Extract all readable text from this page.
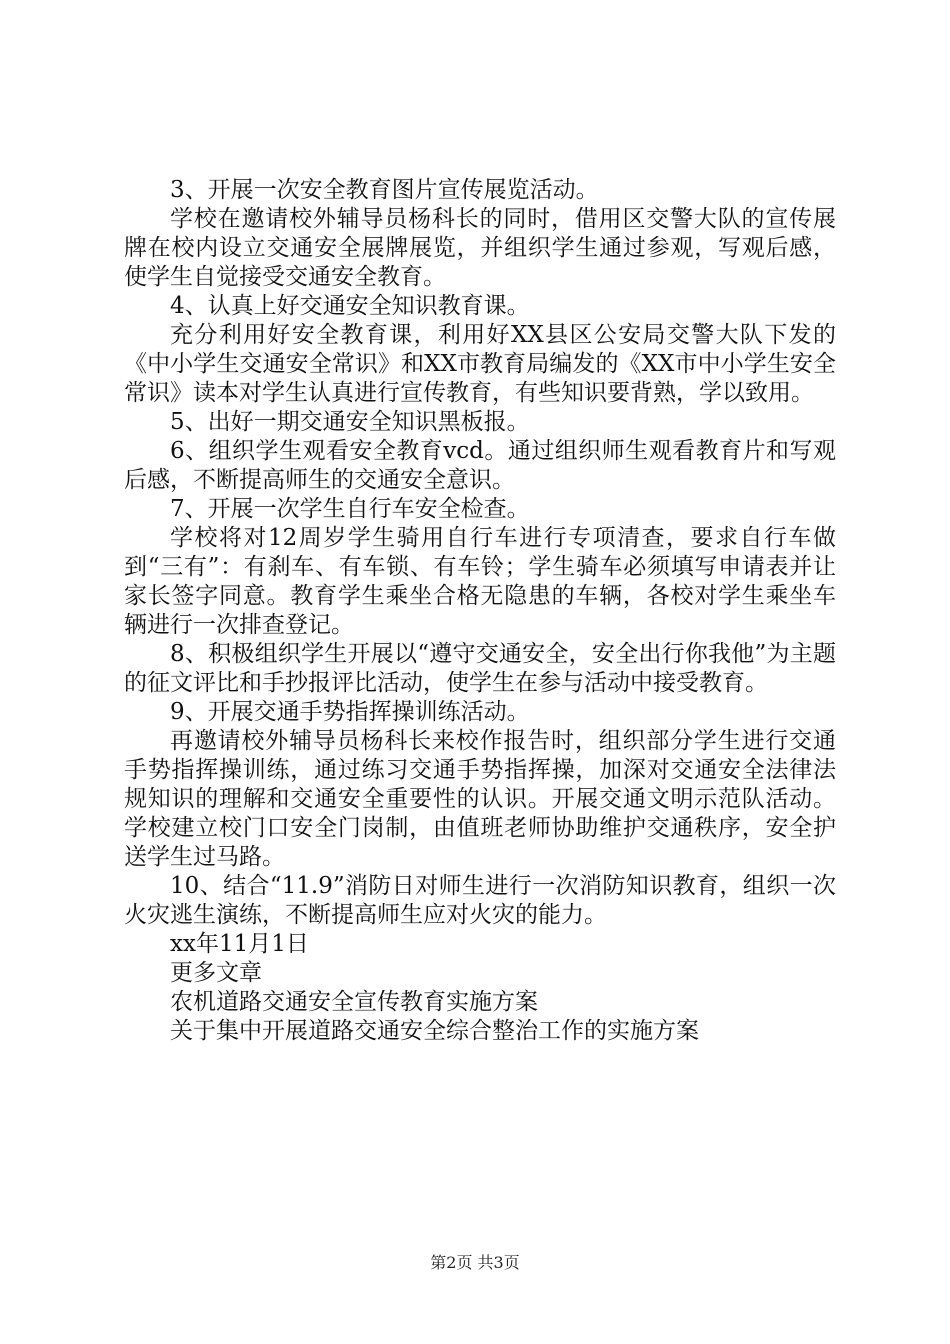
3、开展一次安全教育图片宣传展览活动。

学校在邀请校外辅导员杨科长的同时，借用区交警大队的宣传展牌在校内设立交通安全展牌展览，并组织学生通过参观，写观后感，使学生自觉接受交通安全教育。

4、认真上好交通安全知识教育课。

充分利用好安全教育课，利用好XX县区公安局交警大队下发的《中小学生交通安全常识》和XX市教育局编发的《XX市中小学生安全常识》读本对学生认真进行宣传教育，有些知识要背熟，学以致用。

5、出好一期交通安全知识黑板报。

6、组织学生观看安全教育vcd。通过组织师生观看教育片和写观后感，不断提高师生的交通安全意识。

7、开展一次学生自行车安全检查。

学校将对12周岁学生骑用自行车进行专项清查，要求自行车做到“三有”：有刹车、有车锁、有车铃；学生骑车必须填写申请表并让家长签字同意。教育学生乘坐合格无隐患的车辆，各校对学生乘坐车辆进行一次排查登记。

8、积极组织学生开展以“遵守交通安全，安全出行你我他”为主题的征文评比和手抄报评比活动，使学生在参与活动中接受教育。

9、开展交通手势指挥操训练活动。

再邀请校外辅导员杨科长来校作报告时，组织部分学生进行交通手势指挥操训练，通过练习交通手势指挥操，加深对交通安全法律法规知识的理解和交通安全重要性的认识。开展交通文明示范队活动。学校建立校门口安全门岗制，由值班老师协助维护交通秩序，安全护送学生过马路。

10、结合“11.9”消防日对师生进行一次消防知识教育，组织一次火灾逃生演练，不断提高师生应对火灾的能力。

xx年11月1日

更多文章

农机道路交通安全宣传教育实施方案

关于集中开展道路交通安全综合整治工作的实施方案

第2页 共3页
